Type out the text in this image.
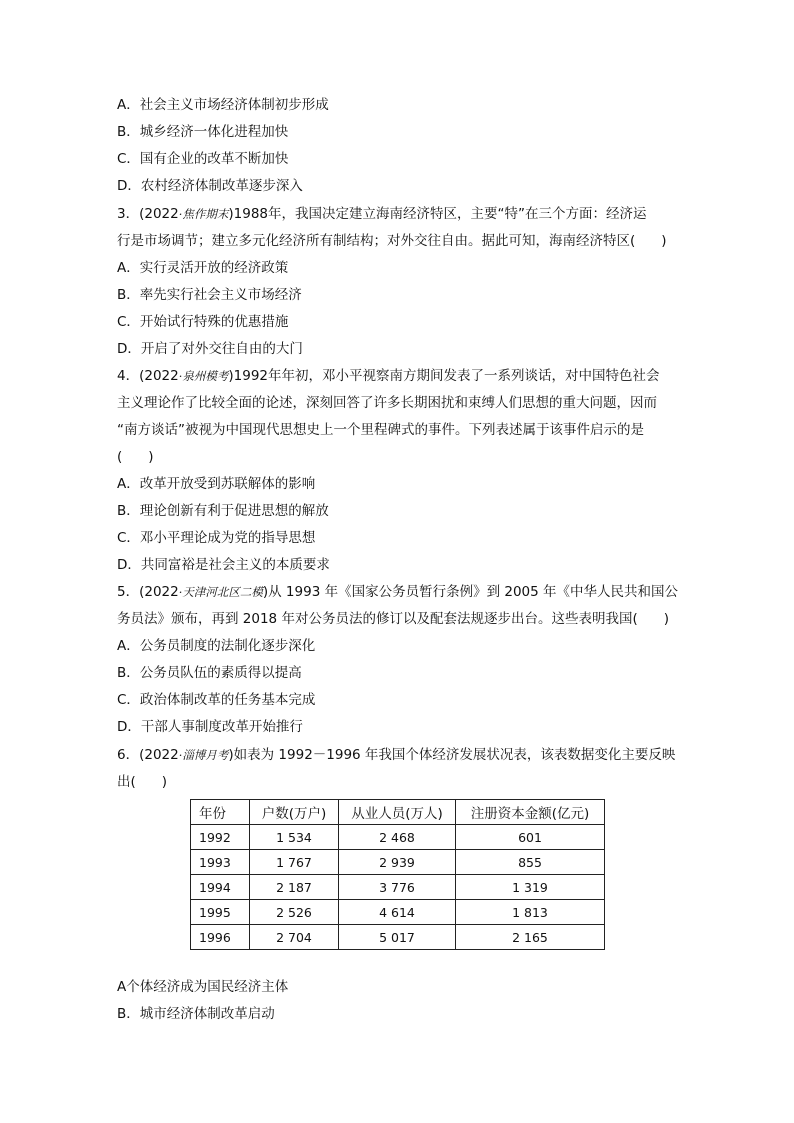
A．社会主义市场经济体制初步形成
B．城乡经济一体化进程加快
C．国有企业的改革不断加快
D．农村经济体制改革逐步深入
3．(2022·焦作期末)1988年，我国决定建立海南经济特区，主要“特”在三个方面：经济运
行是市场调节；建立多元化经济所有制结构；对外交往自由。据此可知，海南经济特区( )
A．实行灵活开放的经济政策
B．率先实行社会主义市场经济
C．开始试行特殊的优惠措施
D．开启了对外交往自由的大门
4．(2022·泉州模考)1992年年初，邓小平视察南方期间发表了一系列谈话，对中国特色社会
主义理论作了比较全面的论述，深刻回答了许多长期困扰和束缚人们思想的重大问题，因而
“南方谈话”被视为中国现代思想史上一个里程碑式的事件。下列表述属于该事件启示的是
( )
A．改革开放受到苏联解体的影响
B．理论创新有利于促进思想的解放
C．邓小平理论成为党的指导思想
D．共同富裕是社会主义的本质要求
5．(2022·天津河北区二模)从 1993 年《国家公务员暂行条例》到 2005 年《中华人民共和国公
务员法》颁布，再到 2018 年对公务员法的修订以及配套法规逐步出台。这些表明我国( )
A．公务员制度的法制化逐步深化
B．公务员队伍的素质得以提高
C．政治体制改革的任务基本完成
D．干部人事制度改革开始推行
6．(2022·淄博月考)如表为 1992－1996 年我国个体经济发展状况表，该表数据变化主要反映
出( )
年份	户数(万户)	从业人员(万人)	注册资本金额(亿元)
1992	1 534	2 468	601
1993	1 767	2 939	855
1994	2 187	3 776	1 319
1995	2 526	4 614	1 813
1996	2 704	5 017	2 165
A个体经济成为国民经济主体
B．城市经济体制改革启动
